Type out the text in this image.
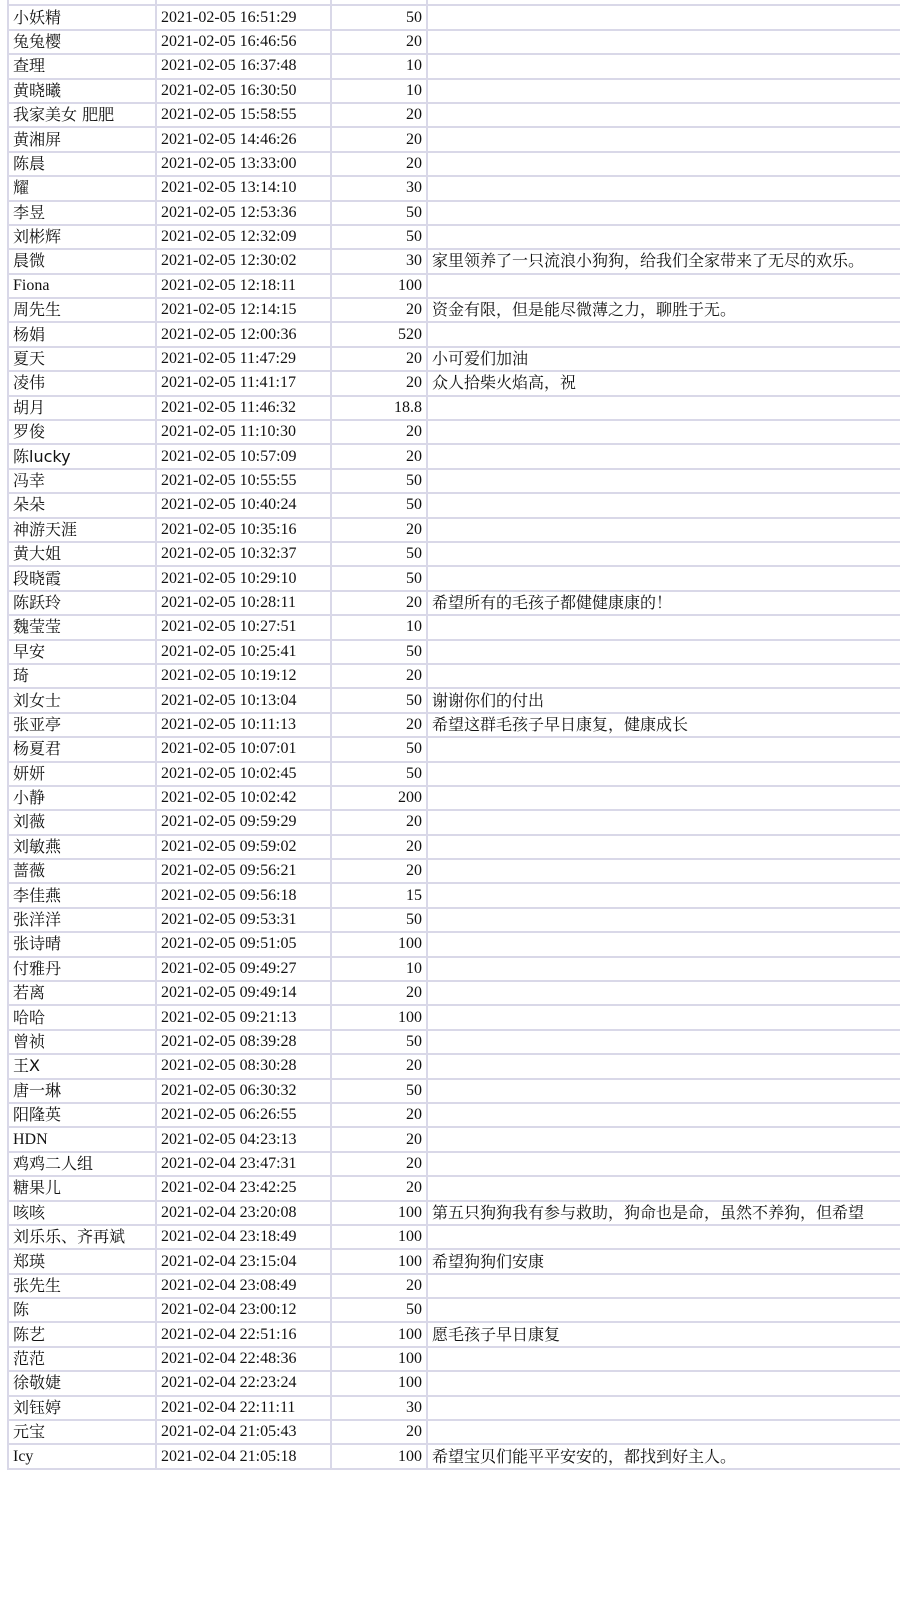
小妖精	2021-02-05 16:51:29	50	
兔兔樱	2021-02-05 16:46:56	20	
查理	2021-02-05 16:37:48	10	
黄晓曦	2021-02-05 16:30:50	10	
我家美女 肥肥	2021-02-05 15:58:55	20	
黄湘屏	2021-02-05 14:46:26	20	
陈晨	2021-02-05 13:33:00	20	
耀	2021-02-05 13:14:10	30	
李昱	2021-02-05 12:53:36	50	
刘彬辉	2021-02-05 12:32:09	50	
晨微	2021-02-05 12:30:02	30	家里领养了一只流浪小狗狗，给我们全家带来了无尽的欢乐。
Fiona	2021-02-05 12:18:11	100	
周先生	2021-02-05 12:14:15	20	资金有限，但是能尽微薄之力，聊胜于无。
杨娟	2021-02-05 12:00:36	520	
夏天	2021-02-05 11:47:29	20	小可爱们加油
凌伟	2021-02-05 11:41:17	20	众人拾柴火焰高，祝
胡月	2021-02-05 11:46:32	18.8	
罗俊	2021-02-05 11:10:30	20	
陈lucky	2021-02-05 10:57:09	20	
冯幸	2021-02-05 10:55:55	50	
朵朵	2021-02-05 10:40:24	50	
神游天涯	2021-02-05 10:35:16	20	
黄大姐	2021-02-05 10:32:37	50	
段晓霞	2021-02-05 10:29:10	50	
陈跃玲	2021-02-05 10:28:11	20	希望所有的毛孩子都健健康康的！
魏莹莹	2021-02-05 10:27:51	10	
早安	2021-02-05 10:25:41	50	
琦	2021-02-05 10:19:12	20	
刘女士	2021-02-05 10:13:04	50	谢谢你们的付出
张亚亭	2021-02-05 10:11:13	20	希望这群毛孩子早日康复，健康成长
杨夏君	2021-02-05 10:07:01	50	
妍妍	2021-02-05 10:02:45	50	
小静	2021-02-05 10:02:42	200	
刘薇	2021-02-05 09:59:29	20	
刘敏燕	2021-02-05 09:59:02	20	
蔷薇	2021-02-05 09:56:21	20	
李佳燕	2021-02-05 09:56:18	15	
张洋洋	2021-02-05 09:53:31	50	
张诗晴	2021-02-05 09:51:05	100	
付雅丹	2021-02-05 09:49:27	10	
若离	2021-02-05 09:49:14	20	
哈哈	2021-02-05 09:21:13	100	
曾祯	2021-02-05 08:39:28	50	
王X	2021-02-05 08:30:28	20	
唐一琳	2021-02-05 06:30:32	50	
阳隆英	2021-02-05 06:26:55	20	
HDN	2021-02-05 04:23:13	20	
鸡鸡二人组	2021-02-04 23:47:31	20	
糖果儿	2021-02-04 23:42:25	20	
咳咳	2021-02-04 23:20:08	100	第五只狗狗我有参与救助，狗命也是命，虽然不养狗，但希望
刘乐乐、齐再斌	2021-02-04 23:18:49	100	
郑瑛	2021-02-04 23:15:04	100	希望狗狗们安康
张先生	2021-02-04 23:08:49	20	
陈	2021-02-04 23:00:12	50	
陈艺	2021-02-04 22:51:16	100	愿毛孩子早日康复
范范	2021-02-04 22:48:36	100	
徐敬婕	2021-02-04 22:23:24	100	
刘钰婷	2021-02-04 22:11:11	30	
元宝	2021-02-04 21:05:43	20	
Icy	2021-02-04 21:05:18	100	希望宝贝们能平平安安的，都找到好主人。
